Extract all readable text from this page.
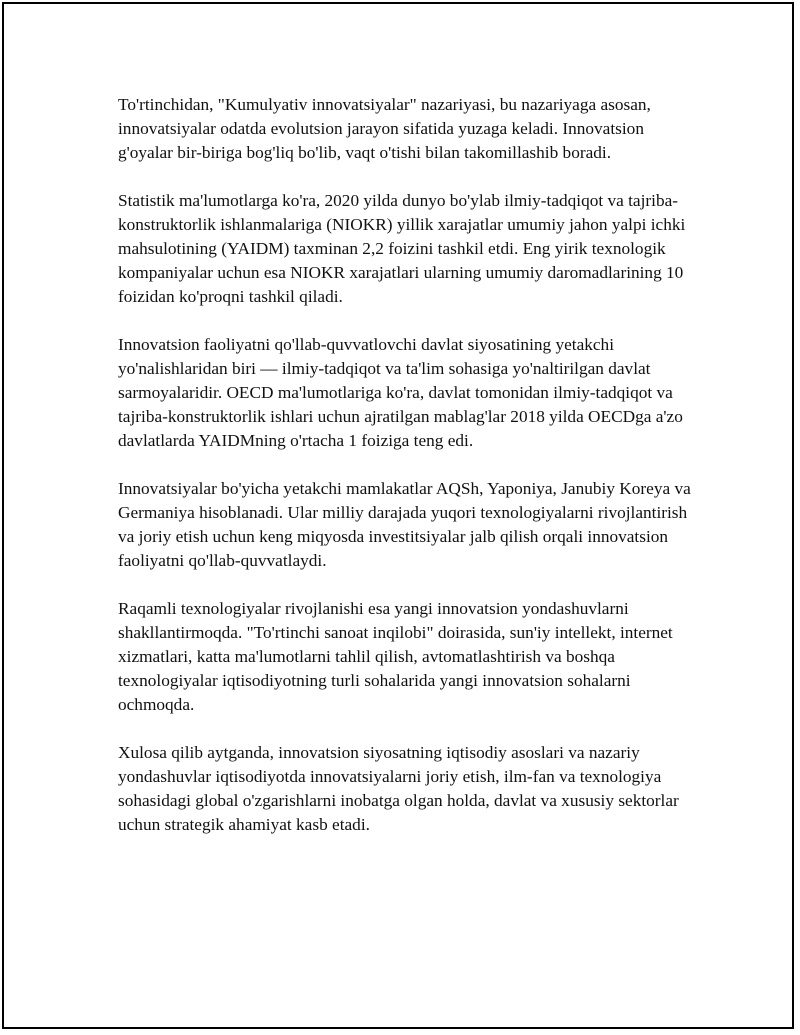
To'rtinchidan, "Kumulyativ innovatsiyalar" nazariyasi, bu nazariyaga asosan, innovatsiyalar odatda evolutsion jarayon sifatida yuzaga keladi. Innovatsion g'oyalar bir-biriga bog'liq bo'lib, vaqt o'tishi bilan takomillashib boradi.

Statistik ma'lumotlarga ko'ra, 2020 yilda dunyo bo'ylab ilmiy-tadqiqot va tajriba-konstruktorlik ishlanmalariga (NIOKR) yillik xarajatlar umumiy jahon yalpi ichki mahsulotining (YAIDM) taxminan 2,2 foizini tashkil etdi. Eng yirik texnologik kompaniyalar uchun esa NIOKR xarajatlari ularning umumiy daromadlarining 10 foizidan ko'proqni tashkil qiladi.

Innovatsion faoliyatni qo'llab-quvvatlovchi davlat siyosatining yetakchi yo'nalishlaridan biri — ilmiy-tadqiqot va ta'lim sohasiga yo'naltirilgan davlat sarmoyalaridir. OECD ma'lumotlariga ko'ra, davlat tomonidan ilmiy-tadqiqot va tajriba-konstruktorlik ishlari uchun ajratilgan mablag'lar 2018 yilda OECDga a'zo davlatlarda YAIDMning o'rtacha 1 foiziga teng edi.

Innovatsiyalar bo'yicha yetakchi mamlakatlar AQSh, Yaponiya, Janubiy Koreya va Germaniya hisoblanadi. Ular milliy darajada yuqori texnologiyalarni rivojlantirish va joriy etish uchun keng miqyosda investitsiyalar jalb qilish orqali innovatsion faoliyatni qo'llab-quvvatlaydi.

Raqamli texnologiyalar rivojlanishi esa yangi innovatsion yondashuvlarni shakllantirmoqda. "To'rtinchi sanoat inqilobi" doirasida, sun'iy intellekt, internet xizmatlari, katta ma'lumotlarni tahlil qilish, avtomatlashtirish va boshqa texnologiyalar iqtisodiyotning turli sohalarida yangi innovatsion sohalarni ochmoqda.

Xulosa qilib aytganda, innovatsion siyosatning iqtisodiy asoslari va nazariy yondashuvlar iqtisodiyotda innovatsiyalarni joriy etish, ilm-fan va texnologiya sohasidagi global o'zgarishlarni inobatga olgan holda, davlat va xususiy sektorlar uchun strategik ahamiyat kasb etadi.
